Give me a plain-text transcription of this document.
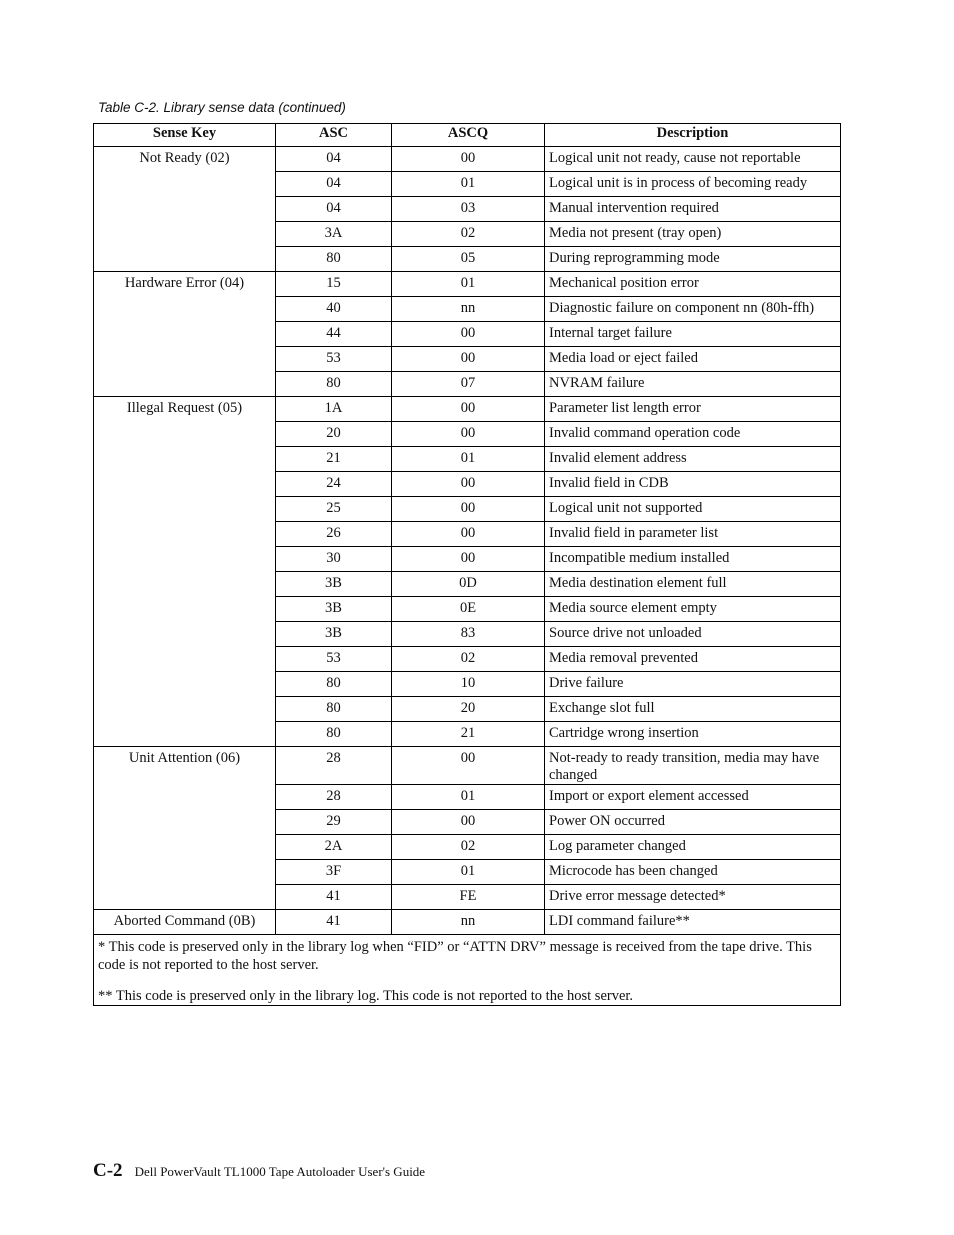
Table C-2. Library sense data (continued)
Sense Key	ASC	ASCQ	Description
Not Ready (02)	04	00	Logical unit not ready, cause not reportable
	04	01	Logical unit is in process of becoming ready
	04	03	Manual intervention required
	3A	02	Media not present (tray open)
	80	05	During reprogramming mode
Hardware Error (04)	15	01	Mechanical position error
	40	nn	Diagnostic failure on component nn (80h-ffh)
	44	00	Internal target failure
	53	00	Media load or eject failed
	80	07	NVRAM failure
Illegal Request (05)	1A	00	Parameter list length error
	20	00	Invalid command operation code
	21	01	Invalid element address
	24	00	Invalid field in CDB
	25	00	Logical unit not supported
	26	00	Invalid field in parameter list
	30	00	Incompatible medium installed
	3B	0D	Media destination element full
	3B	0E	Media source element empty
	3B	83	Source drive not unloaded
	53	02	Media removal prevented
	80	10	Drive failure
	80	20	Exchange slot full
	80	21	Cartridge wrong insertion
Unit Attention (06)	28	00	Not-ready to ready transition, media may have changed
	28	01	Import or export element accessed
	29	00	Power ON occurred
	2A	02	Log parameter changed
	3F	01	Microcode has been changed
	41	FE	Drive error message detected*
Aborted Command (0B)	41	nn	LDI command failure**

* This code is preserved only in the library log when “FID” or “ATTN DRV” message is received from the tape drive. This code is not reported to the host server.

** This code is preserved only in the library log. This code is not reported to the host server.			

C-2 Dell PowerVault TL1000 Tape Autoloader User's Guide
